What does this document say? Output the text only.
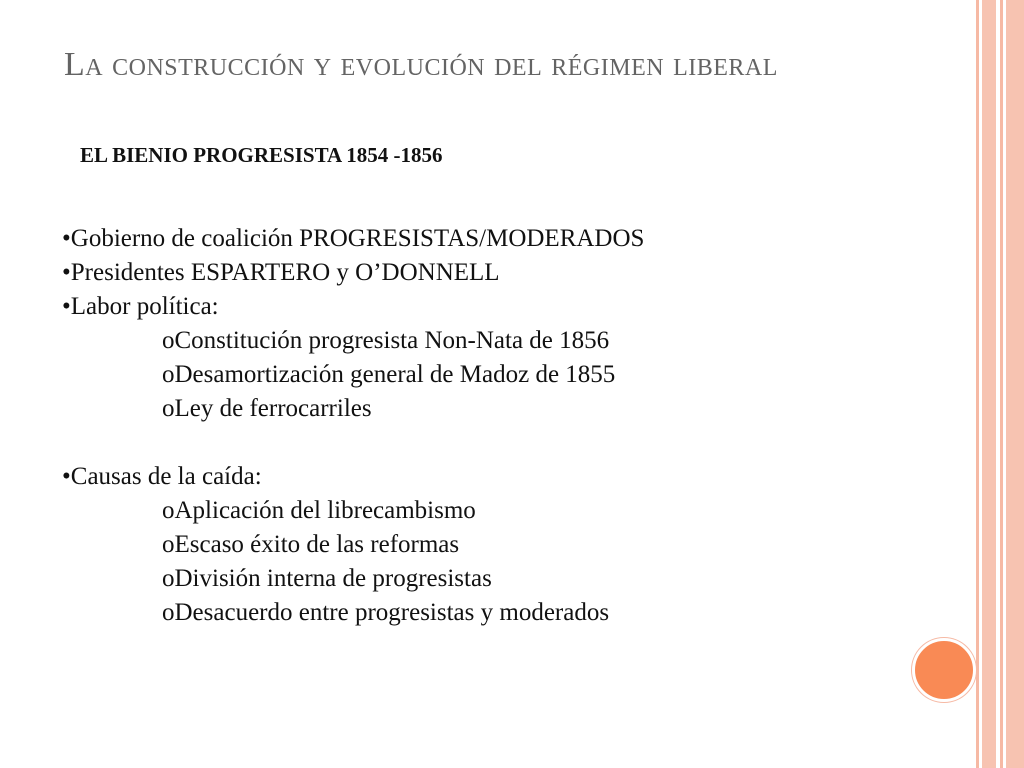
La construcción y evolución del régimen liberal
EL BIENIO PROGRESISTA 1854 -1856
•Gobierno de coalición PROGRESISTAS/MODERADOS
•Presidentes ESPARTERO y O’DONNELL
•Labor política:
oConstitución progresista Non-Nata de 1856
oDesamortización general de Madoz de 1855
oLey de ferrocarriles
•Causas de la caída:
oAplicación del librecambismo
oEscaso éxito de las reformas
oDivisión interna de progresistas
oDesacuerdo entre progresistas y moderados
